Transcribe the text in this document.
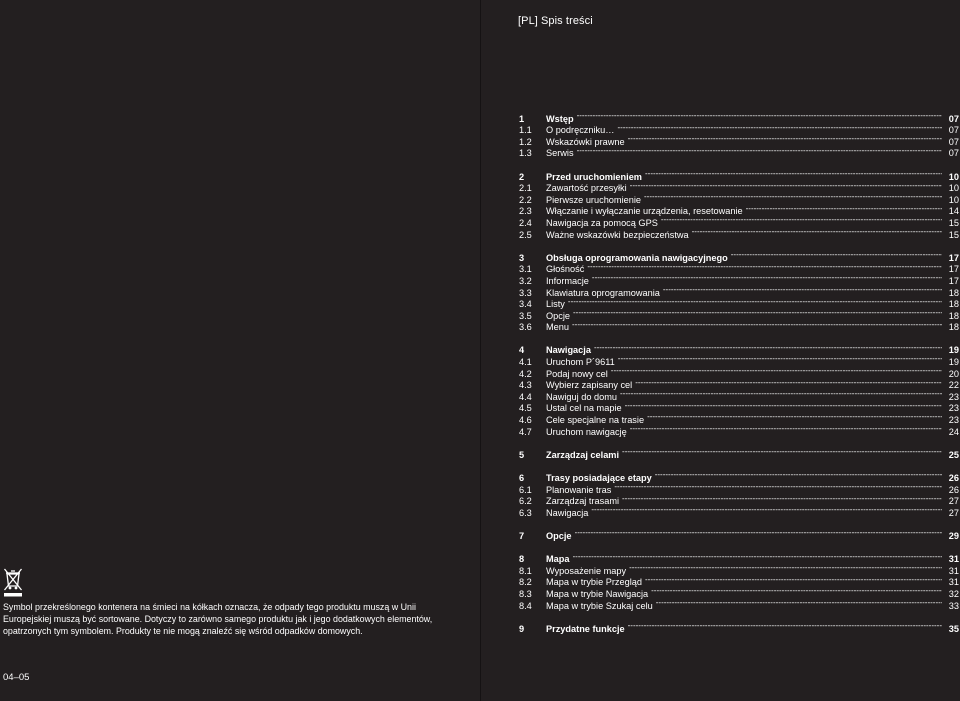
[PL] Spis treści
1	Wstęp -----	07
1.1	O podręczniku… -----	07
1.2	Wskazówki prawne -----	07
1.3	Serwis -----	07
2	Przed uruchomieniem -----	10
2.1	Zawartość przesyłki -----	10
2.2	Pierwsze uruchomienie -----	10
2.3	Włączanie i wyłączanie urządzenia, resetowanie -----	14
2.4	Nawigacja za pomocą GPS -----	15
2.5	Ważne wskazówki bezpieczeństwa -----	15
3	Obsługa oprogramowania nawigacyjnego -----	17
3.1	Głośność -----	17
3.2	Informacje -----	17
3.3	Klawiatura oprogramowania -----	18
3.4	Listy -----	18
3.5	Opcje -----	18
3.6	Menu -----	18
4	Nawigacja -----	19
4.1	Uruchom P´9611 -----	19
4.2	Podaj nowy cel -----	20
4.3	Wybierz zapisany cel -----	22
4.4	Nawiguj do domu -----	23
4.5	Ustal cel na mapie -----	23
4.6	Cele specjalne na trasie -----	23
4.7	Uruchom nawigację -----	24
5	Zarządzaj celami -----	25
6	Trasy posiadające etapy -----	26
6.1	Planowanie tras -----	26
6.2	Zarządzaj trasami -----	27
6.3	Nawigacja -----	27
7	Opcje -----	29
8	Mapa -----	31
8.1	Wyposażenie mapy -----	31
8.2	Mapa w trybie Przegląd -----	31
8.3	Mapa w trybie Nawigacja -----	32
8.4	Mapa w trybie Szukaj celu -----	33
9	Przydatne funkcje -----	35
Symbol przekreślonego kontenera na śmieci na kółkach oznacza, że odpady tego produktu muszą w Unii Europejskiej muszą być sortowane. Dotyczy to zarówno samego produktu jak i jego dodatkowych elementów, opatrzonych tym symbolem. Produkty te nie mogą znaleźć się wśród odpadków domowych.
04–05
